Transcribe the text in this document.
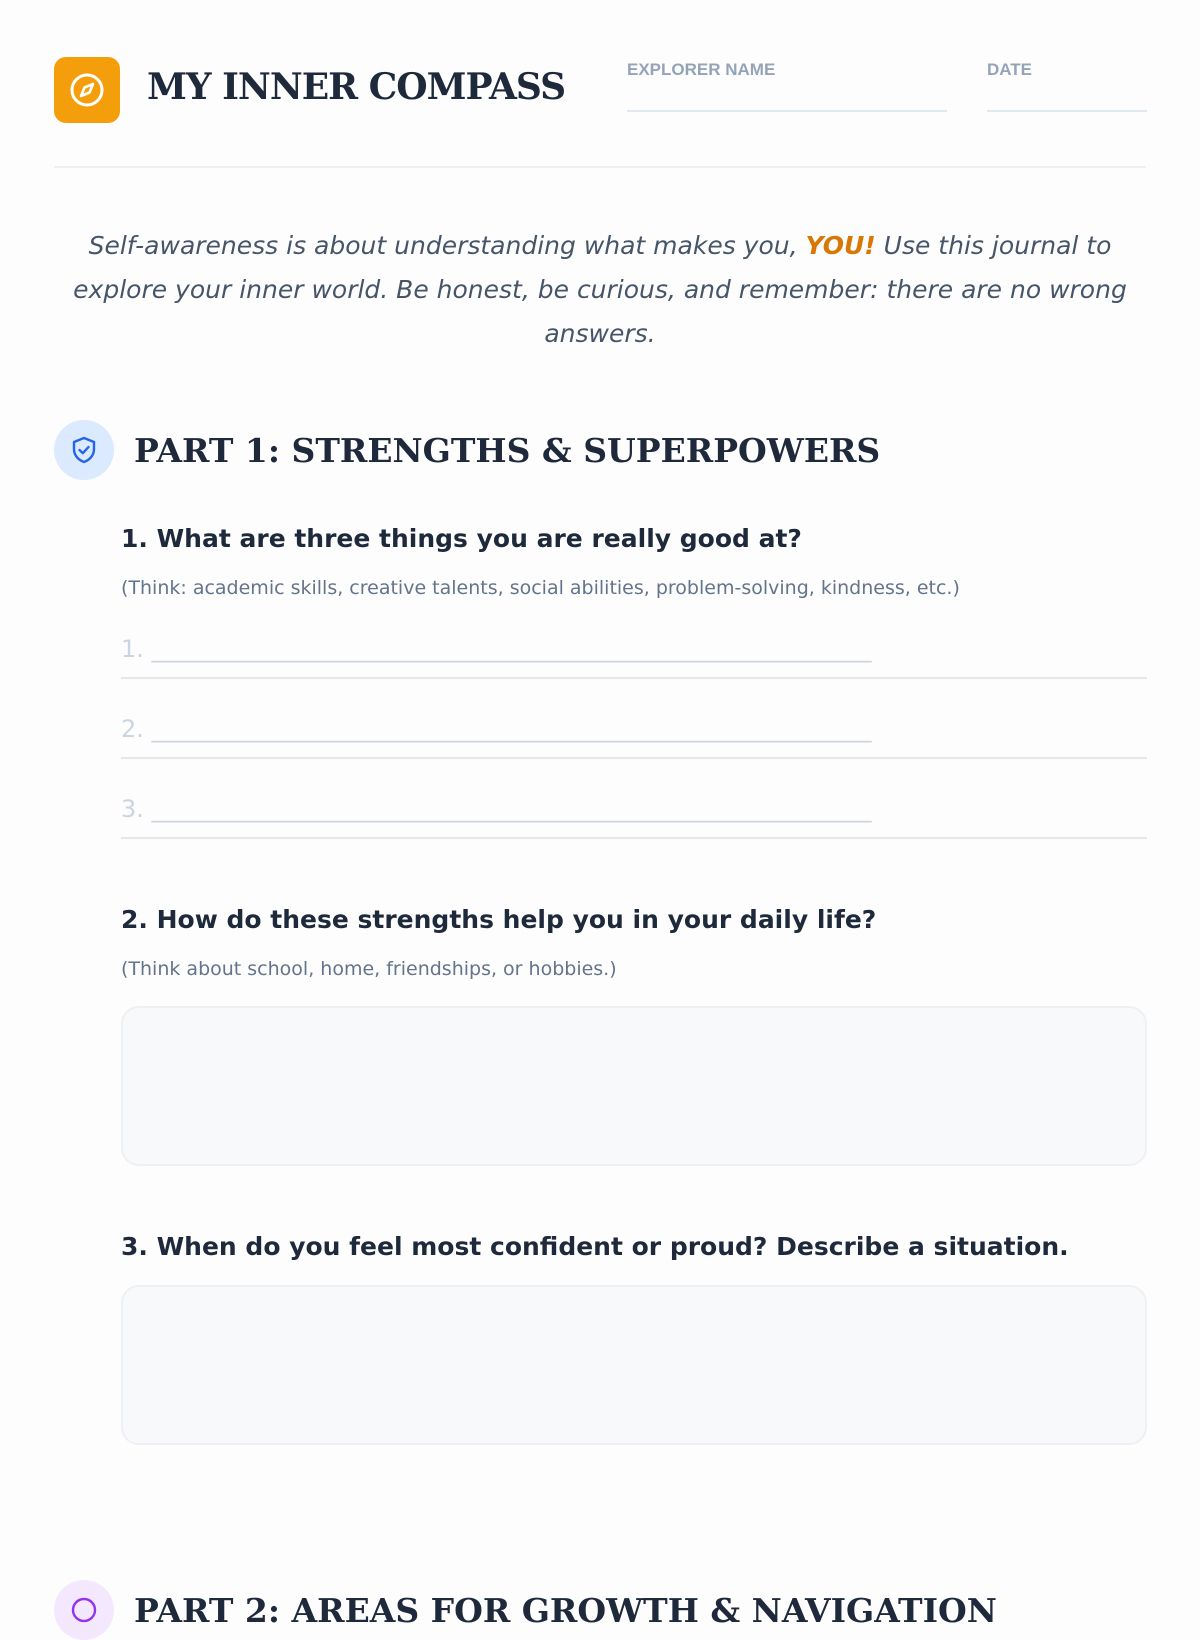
MY INNER COMPASS	EXPLORER NAME	DATE

Self-awareness is about understanding what makes you, YOU! Use this journal to explore your inner world. Be honest, be curious, and remember: there are no wrong answers.

PART 1: STRENGTHS & SUPERPOWERS
1. What are three things you are really good at?
(Think: academic skills, creative talents, social abilities, problem-solving, kindness, etc.)
1. ____________________________________________________________
2. ____________________________________________________________
3. ____________________________________________________________
2. How do these strengths help you in your daily life?
(Think about school, home, friendships, or hobbies.)
3. When do you feel most confident or proud? Describe a situation.
PART 2: AREAS FOR GROWTH & NAVIGATION
